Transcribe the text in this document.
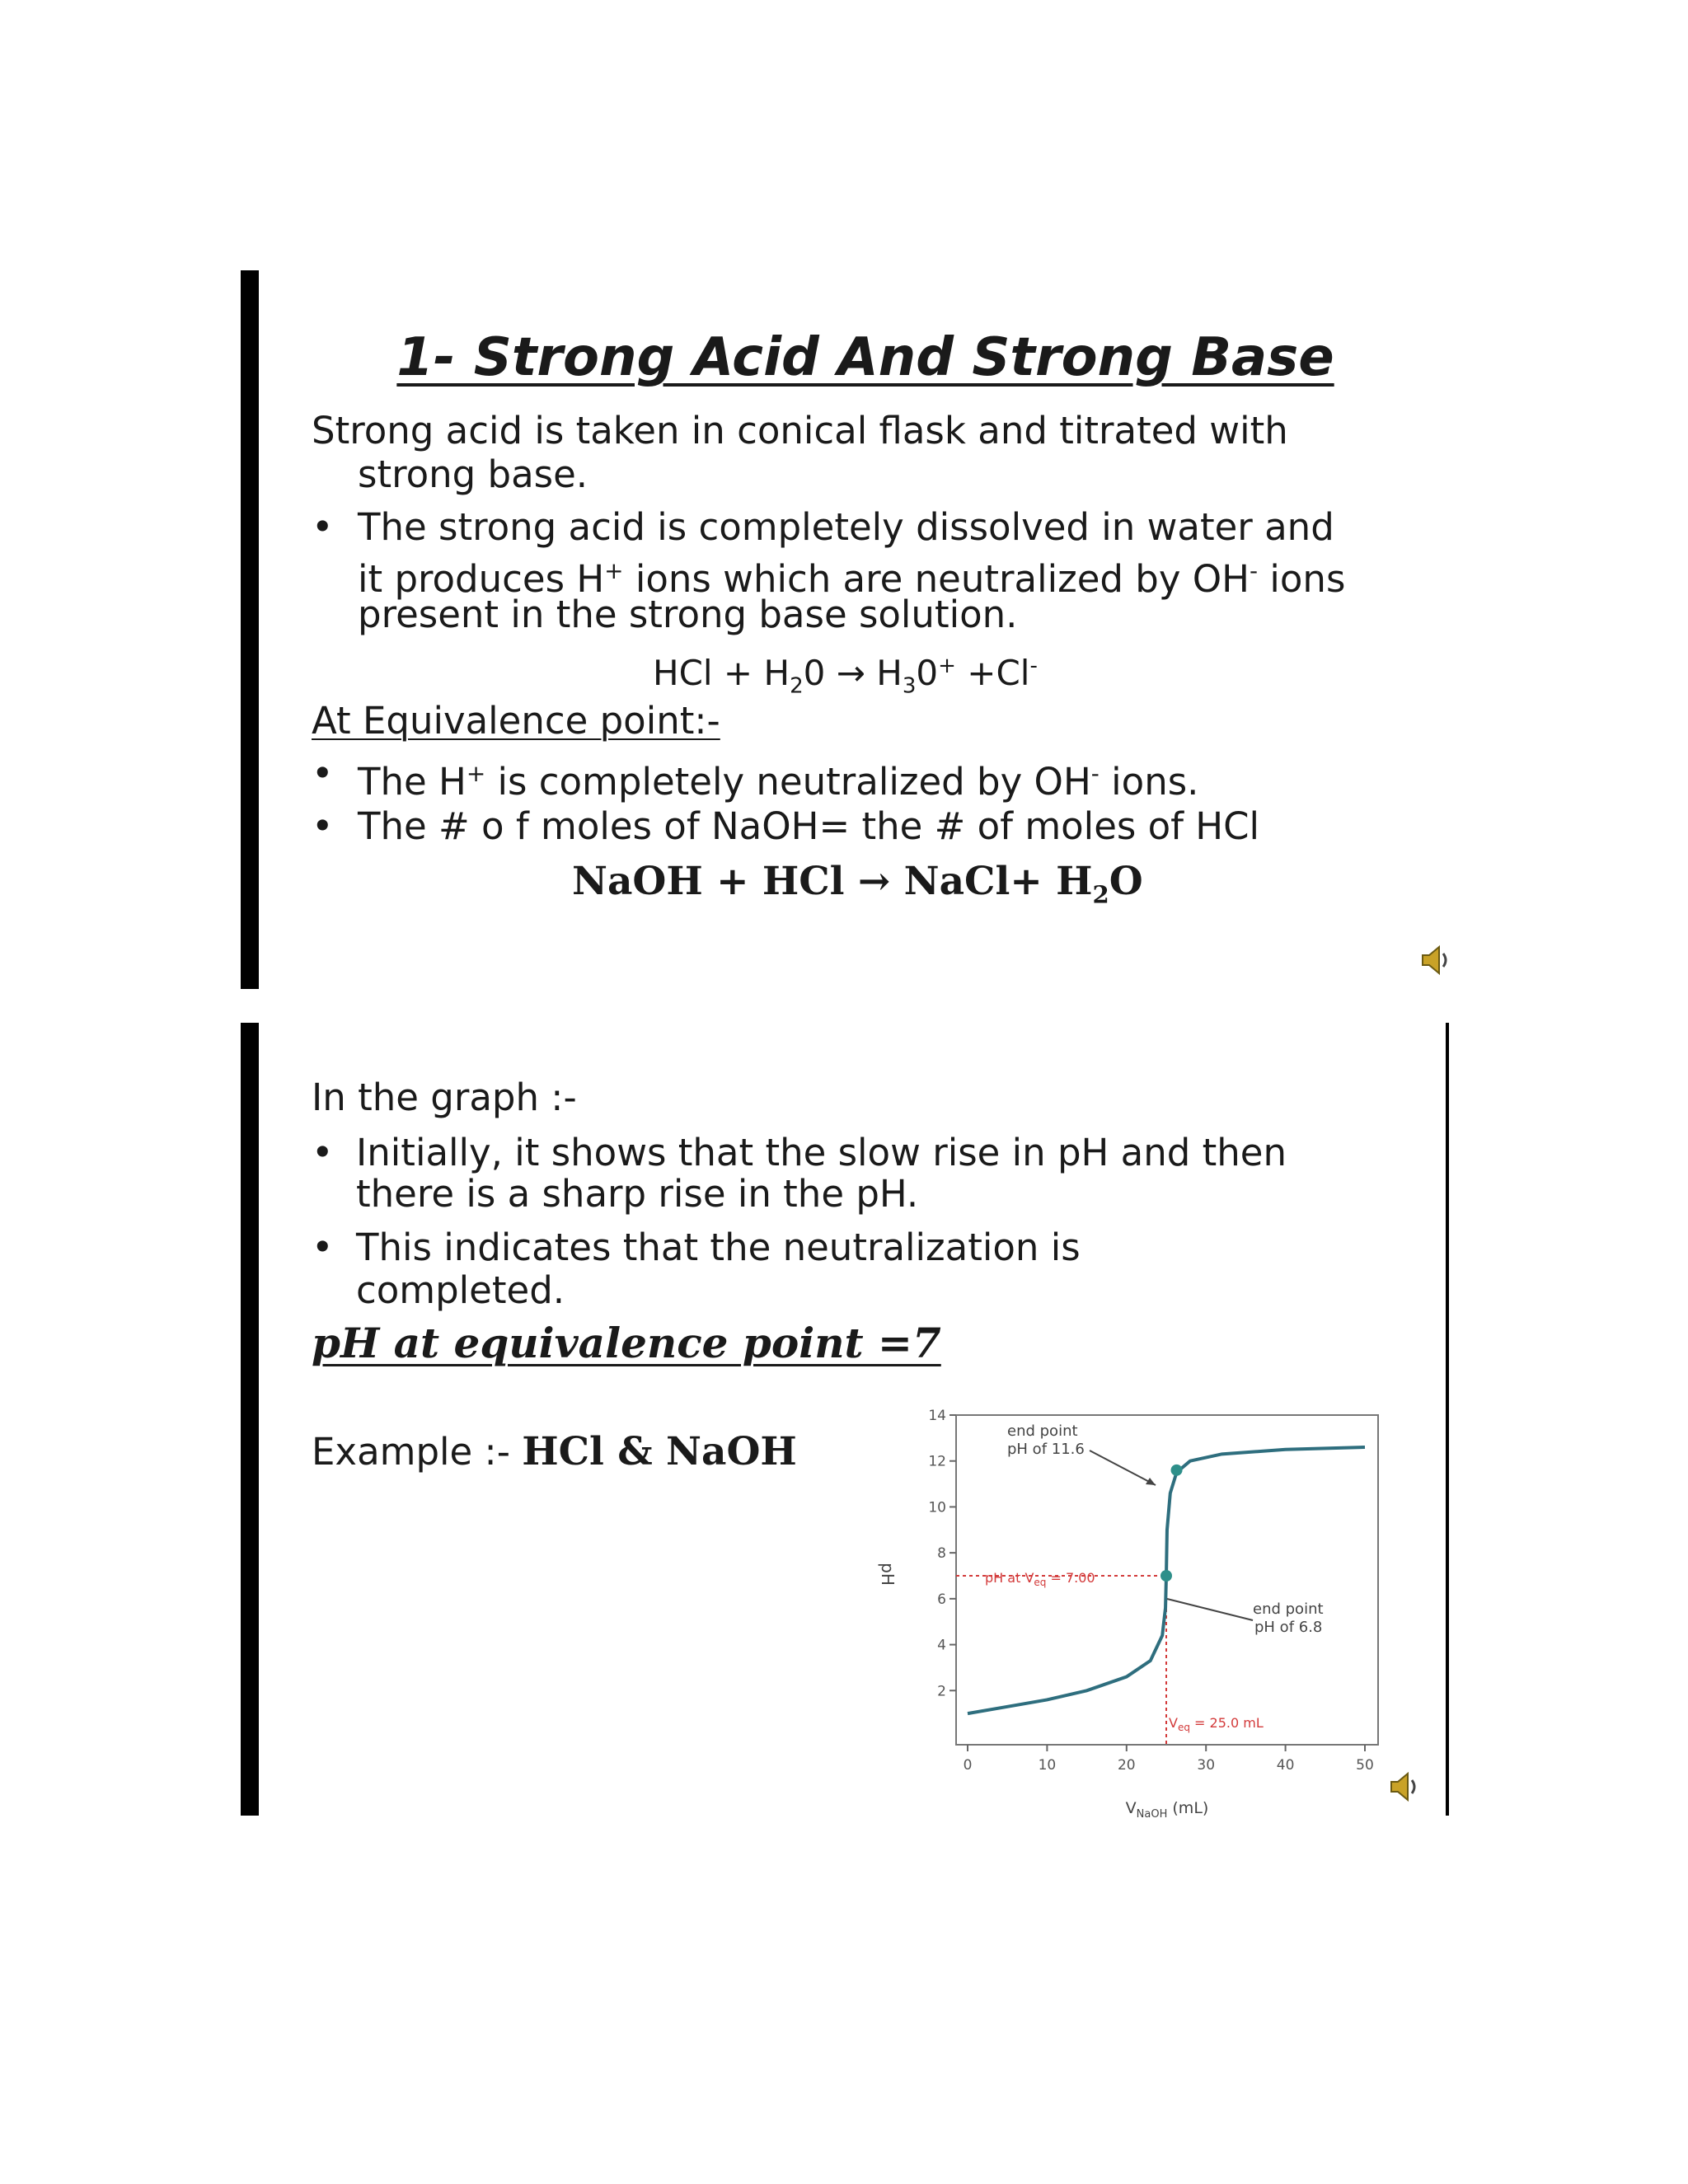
1- Strong Acid And Strong Base

Strong acid is taken in conical flask and titrated with

strong base.

• The strong acid is completely dissolved in water and

it produces H+ ions which are neutralized by OH- ions

present in the strong base solution.

HCl + $H_20 \to H_30^+ +Cl^-$

At Equivalence point:-

• The H+ is completely neutralized by OH- ions.

• The # o f moles of NaOH= the # of moles of HCl

NaOH + HCl → NaCl+ $H_2O$

In the graph :-

• Initially, it shows that the slow rise in pH and then

there is a sharp rise in the pH.

• This indicates that the neutralization is

completed.

pH at equivalence point =7

Example :- HCl & NaOH

2
4
6
8
10
12
14
0	10	20	30	40	50
pH
$V_{NaOH}$ (mL)
end point
pH of 11.6
end point
pH of 6.8
pH at $V_{eq} = 7.00$
$V_{eq} = 25.0$ mL
